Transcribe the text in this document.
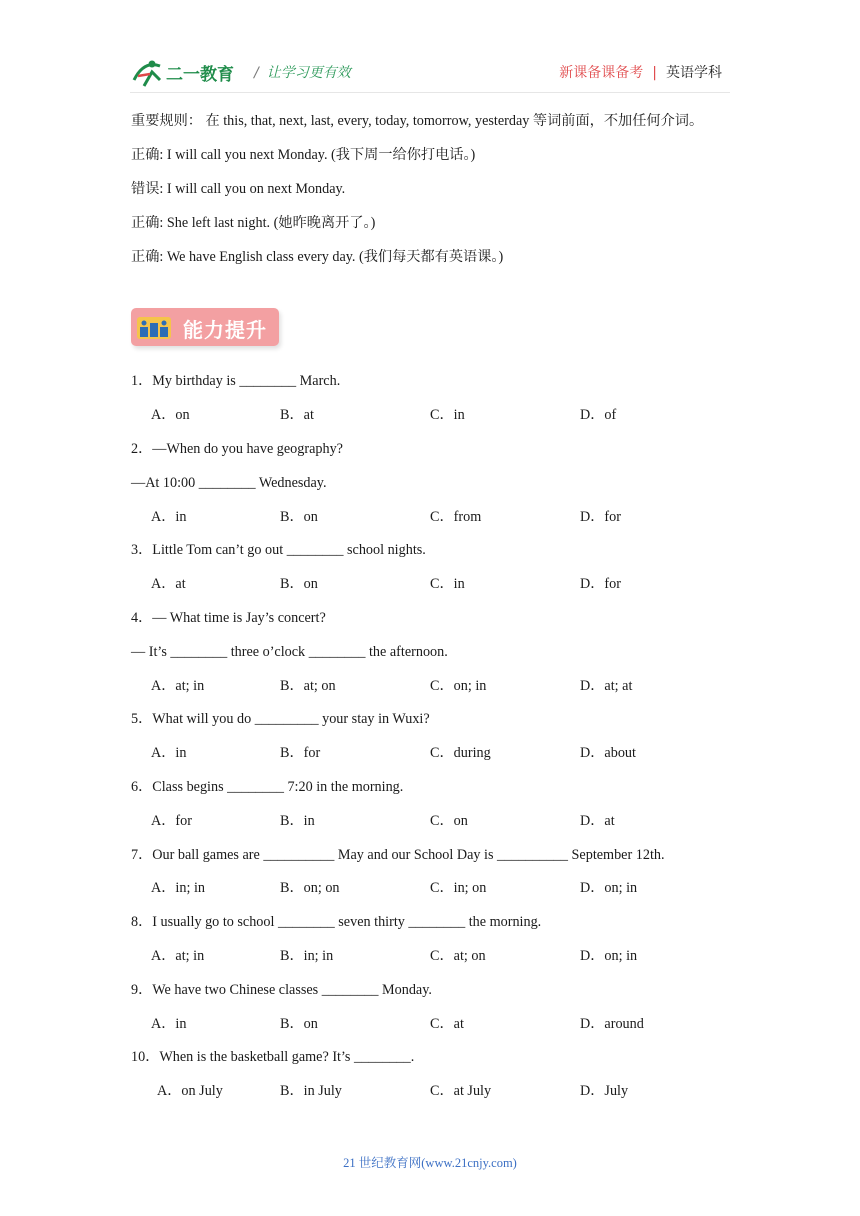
二一教育 / 让学习更有效	新课备课备考 | 英语学科
重要规则： 在 this, that, next, last, every, today, tomorrow, yesterday 等词前面，不加任何介词。
正确: I will call you next Monday. (我下周一给你打电话。)
错误: I will call you on next Monday.
正确: She left last night. (她昨晚离开了。)
正确: We have English class every day. (我们每天都有英语课。)
能力提升
1．My birthday is ________ March.
A．on	B．at	C．in	D．of
2．—When do you have geography?
—At 10:00 ________ Wednesday.
A．in	B．on	C．from	D．for
3．Little Tom can’t go out ________ school nights.
A．at	B．on	C．in	D．for
4．— What time is Jay’s concert?
— It’s ________ three o’clock ________ the afternoon.
A．at; in	B．at; on	C．on; in	D．at; at
5．What will you do _________ your stay in Wuxi?
A．in	B．for	C．during	D．about
6．Class begins ________ 7:20 in the morning.
A．for	B．in	C．on	D．at
7．Our ball games are __________ May and our School Day is __________ September 12th.
A．in; in	B．on; on	C．in; on	D．on; in
8．I usually go to school ________ seven thirty ________ the morning.
A．at; in	B．in; in	C．at; on	D．on; in
9．We have two Chinese classes ________ Monday.
A．in	B．on	C．at	D．around
10．When is the basketball game? It’s ________.
A．on July	B．in July	C．at July	D．July
21 世纪教育网(www.21cnjy.com)
